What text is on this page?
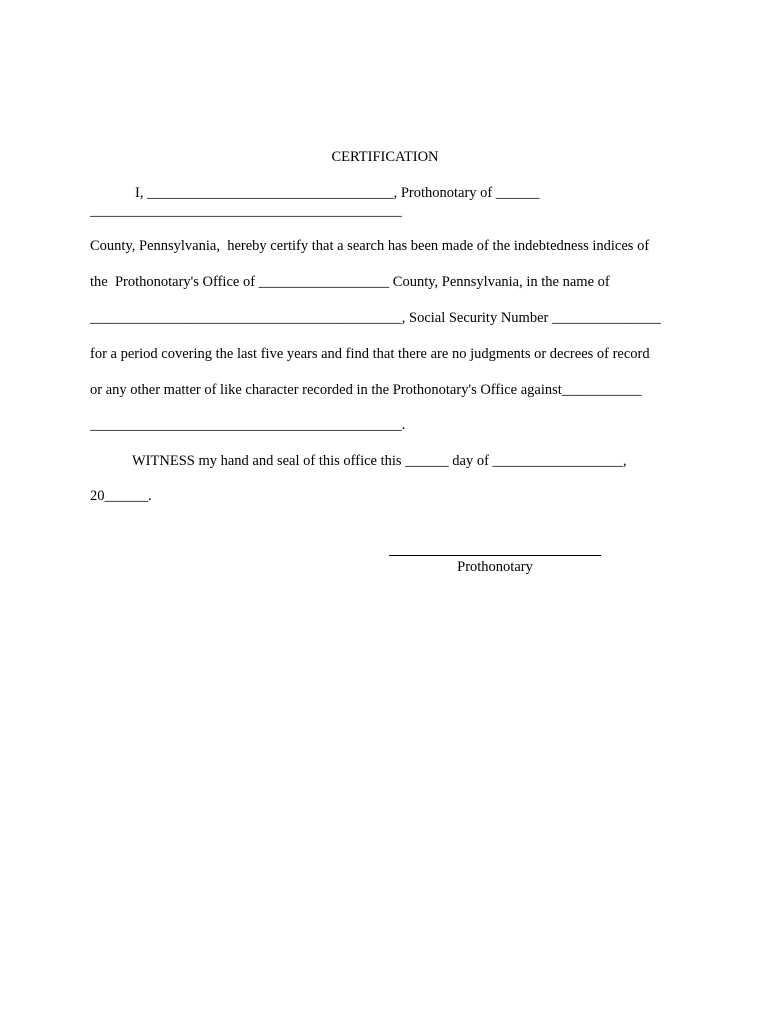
CERTIFICATION
I, __________________________________, Prothonotary of ______
___________________________________________
County, Pennsylvania,  hereby certify that a search has been made of the indebtedness indices of
the  Prothonotary's Office of __________________ County, Pennsylvania, in the name of
___________________________________________, Social Security Number _______________
for a period covering the last five years and find that there are no judgments or decrees of record
or any other matter of like character recorded in the Prothonotary's Office against___________
___________________________________________.
WITNESS my hand and seal of this office this ______ day of __________________,
20______.
Prothonotary
